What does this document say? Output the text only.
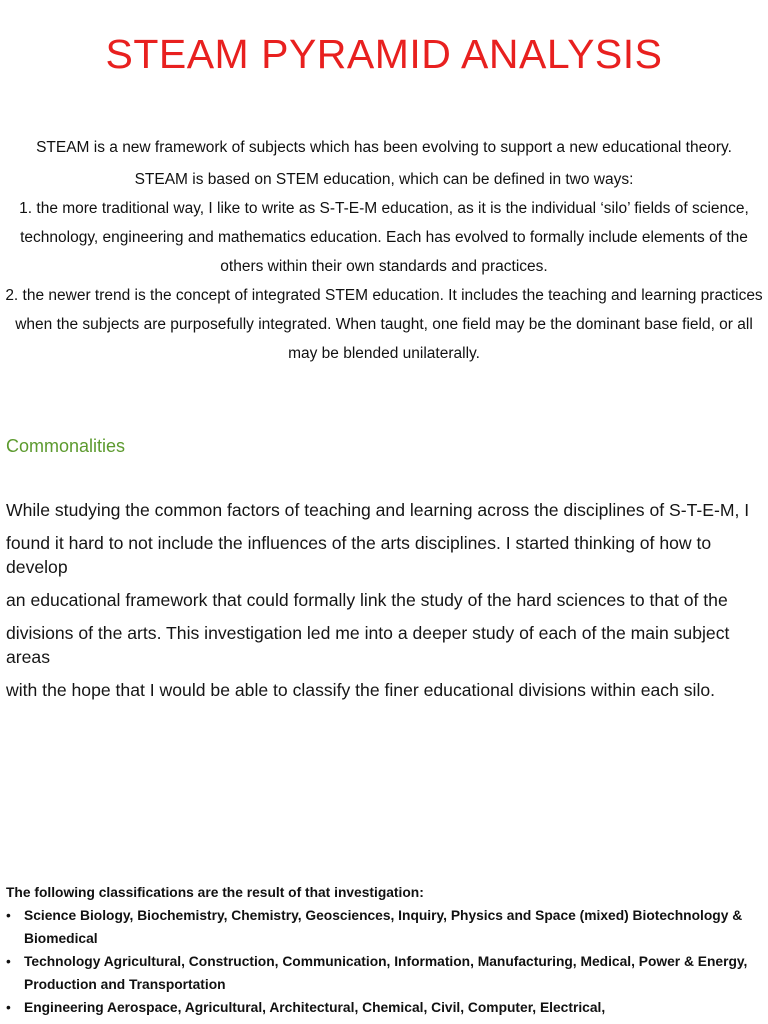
STEAM PYRAMID ANALYSIS

STEAM is a new framework of subjects which has been evolving to support a new educational theory.

STEAM is based on STEM education, which can be defined in two ways:

1. the more traditional way, I like to write as S-T-E-M education, as it is the individual ‘silo’ fields of science, technology, engineering and mathematics education. Each has evolved to formally include elements of the others within their own standards and practices.

2. the newer trend is the concept of integrated STEM education. It includes the teaching and learning practices when the subjects are purposefully integrated. When taught, one field may be the dominant base field, or all may be blended unilaterally.

Commonalities

While studying the common factors of teaching and learning across the disciplines of S-T-E-M, I

found it hard to not include the influences of the arts disciplines. I started thinking of how to develop

an educational framework that could formally link the study of the hard sciences to that of the

divisions of the arts. This investigation led me into a deeper study of each of the main subject areas

with the hope that I would be able to classify the finer educational divisions within each silo.

The following classifications are the result of that investigation:

• Science Biology, Biochemistry, Chemistry, Geosciences, Inquiry, Physics and Space (mixed) Biotechnology & Biomedical
• Technology Agricultural, Construction, Communication, Information, Manufacturing, Medical, Power & Energy, Production and Transportation
• Engineering Aerospace, Agricultural, Architectural, Chemical, Civil, Computer, Electrical,
